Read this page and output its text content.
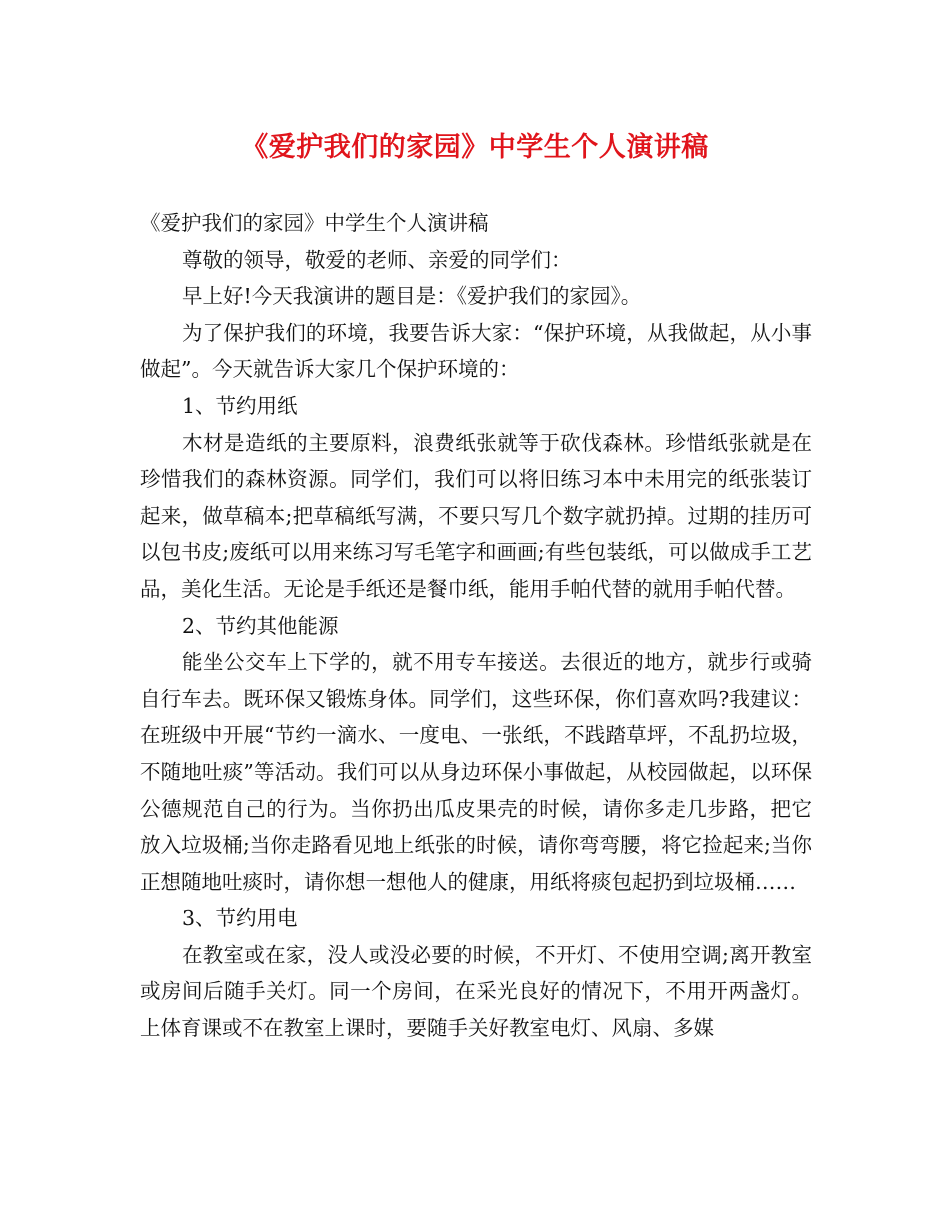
《爱护我们的家园》中学生个人演讲稿

《爱护我们的家园》中学生个人演讲稿

尊敬的领导，敬爱的老师、亲爱的同学们：

早上好!今天我演讲的题目是：《爱护我们的家园》。

为了保护我们的环境，我要告诉大家：“保护环境，从我做起，从小事做起”。今天就告诉大家几个保护环境的：

1、节约用纸

木材是造纸的主要原料，浪费纸张就等于砍伐森林。珍惜纸张就是在珍惜我们的森林资源。同学们，我们可以将旧练习本中未用完的纸张装订起来，做草稿本;把草稿纸写满，不要只写几个数字就扔掉。过期的挂历可以包书皮;废纸可以用来练习写毛笔字和画画;有些包装纸，可以做成手工艺品，美化生活。无论是手纸还是餐巾纸，能用手帕代替的就用手帕代替。

2、节约其他能源

能坐公交车上下学的，就不用专车接送。去很近的地方，就步行或骑自行车去。既环保又锻炼身体。同学们，这些环保，你们喜欢吗?我建议：在班级中开展“节约一滴水、一度电、一张纸，不践踏草坪，不乱扔垃圾，不随地吐痰”等活动。我们可以从身边环保小事做起，从校园做起，以环保公德规范自己的行为。当你扔出瓜皮果壳的时候，请你多走几步路，把它放入垃圾桶;当你走路看见地上纸张的时候，请你弯弯腰，将它捡起来;当你正想随地吐痰时，请你想一想他人的健康，用纸将痰包起扔到垃圾桶……

3、节约用电

在教室或在家，没人或没必要的时候，不开灯、不使用空调;离开教室或房间后随手关灯。同一个房间，在采光良好的情况下，不用开两盏灯。上体育课或不在教室上课时，要随手关好教室电灯、风扇、多媒
